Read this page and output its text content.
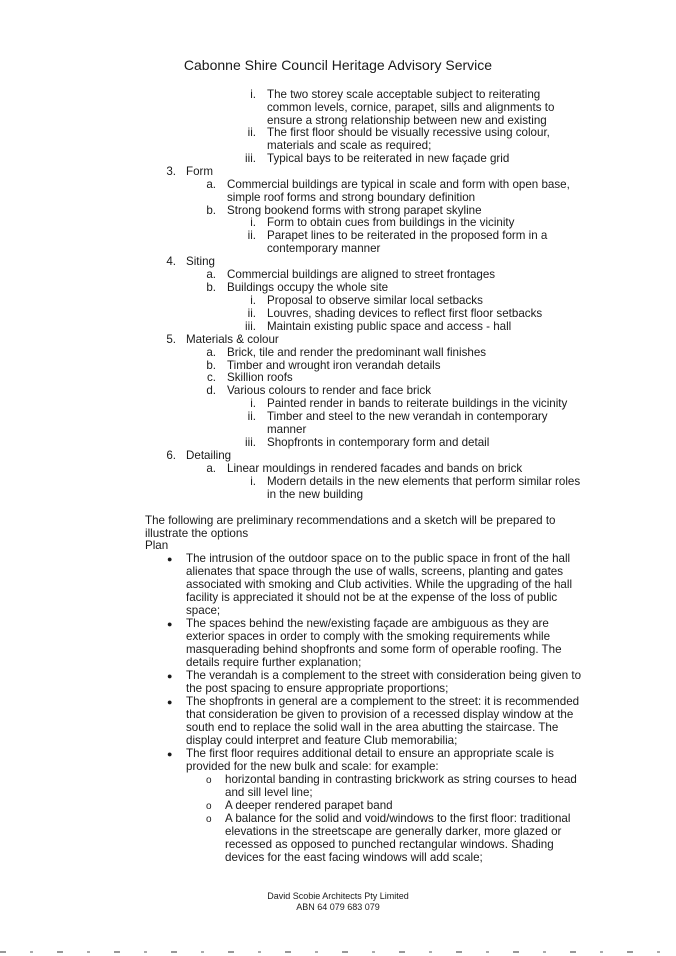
Cabonne Shire Council Heritage Advisory Service
i. The two storey scale acceptable subject to reiterating
common levels, cornice, parapet, sills and alignments to
ensure a strong relationship between new and existing
ii. The first floor should be visually recessive using colour,
materials and scale as required;
iii. Typical bays to be reiterated in new façade grid
3. Form
a. Commercial buildings are typical in scale and form with open base,
simple roof forms and strong boundary definition
b. Strong bookend forms with strong parapet skyline
i. Form to obtain cues from buildings in the vicinity
ii. Parapet lines to be reiterated in the proposed form in a
contemporary manner
4. Siting
a. Commercial buildings are aligned to street frontages
b. Buildings occupy the whole site
i. Proposal to observe similar local setbacks
ii. Louvres, shading devices to reflect first floor setbacks
iii. Maintain existing public space and access - hall
5. Materials & colour
a. Brick, tile and render the predominant wall finishes
b. Timber and wrought iron verandah details
c. Skillion roofs
d. Various colours to render and face brick
i. Painted render in bands to reiterate buildings in the vicinity
ii. Timber and steel to the new verandah in contemporary
manner
iii. Shopfronts in contemporary form and detail
6. Detailing
a. Linear mouldings in rendered facades and bands on brick
i. Modern details in the new elements that perform similar roles
in the new building
The following are preliminary recommendations and a sketch will be prepared to
illustrate the options
Plan
● The intrusion of the outdoor space on to the public space in front of the hall
alienates that space through the use of walls, screens, planting and gates
associated with smoking and Club activities. While the upgrading of the hall
facility is appreciated it should not be at the expense of the loss of public
space;
● The spaces behind the new/existing façade are ambiguous as they are
exterior spaces in order to comply with the smoking requirements while
masquerading behind shopfronts and some form of operable roofing. The
details require further explanation;
● The verandah is a complement to the street with consideration being given to
the post spacing to ensure appropriate proportions;
● The shopfronts in general are a complement to the street: it is recommended
that consideration be given to provision of a recessed display window at the
south end to replace the solid wall in the area abutting the staircase. The
display could interpret and feature Club memorabilia;
● The first floor requires additional detail to ensure an appropriate scale is
provided for the new bulk and scale: for example:
o horizontal banding in contrasting brickwork as string courses to head
and sill level line;
o A deeper rendered parapet band
o A balance for the solid and void/windows to the first floor: traditional
elevations in the streetscape are generally darker, more glazed or
recessed as opposed to punched rectangular windows. Shading
devices for the east facing windows will add scale;
David Scobie Architects Pty Limited
ABN 64 079 683 079
